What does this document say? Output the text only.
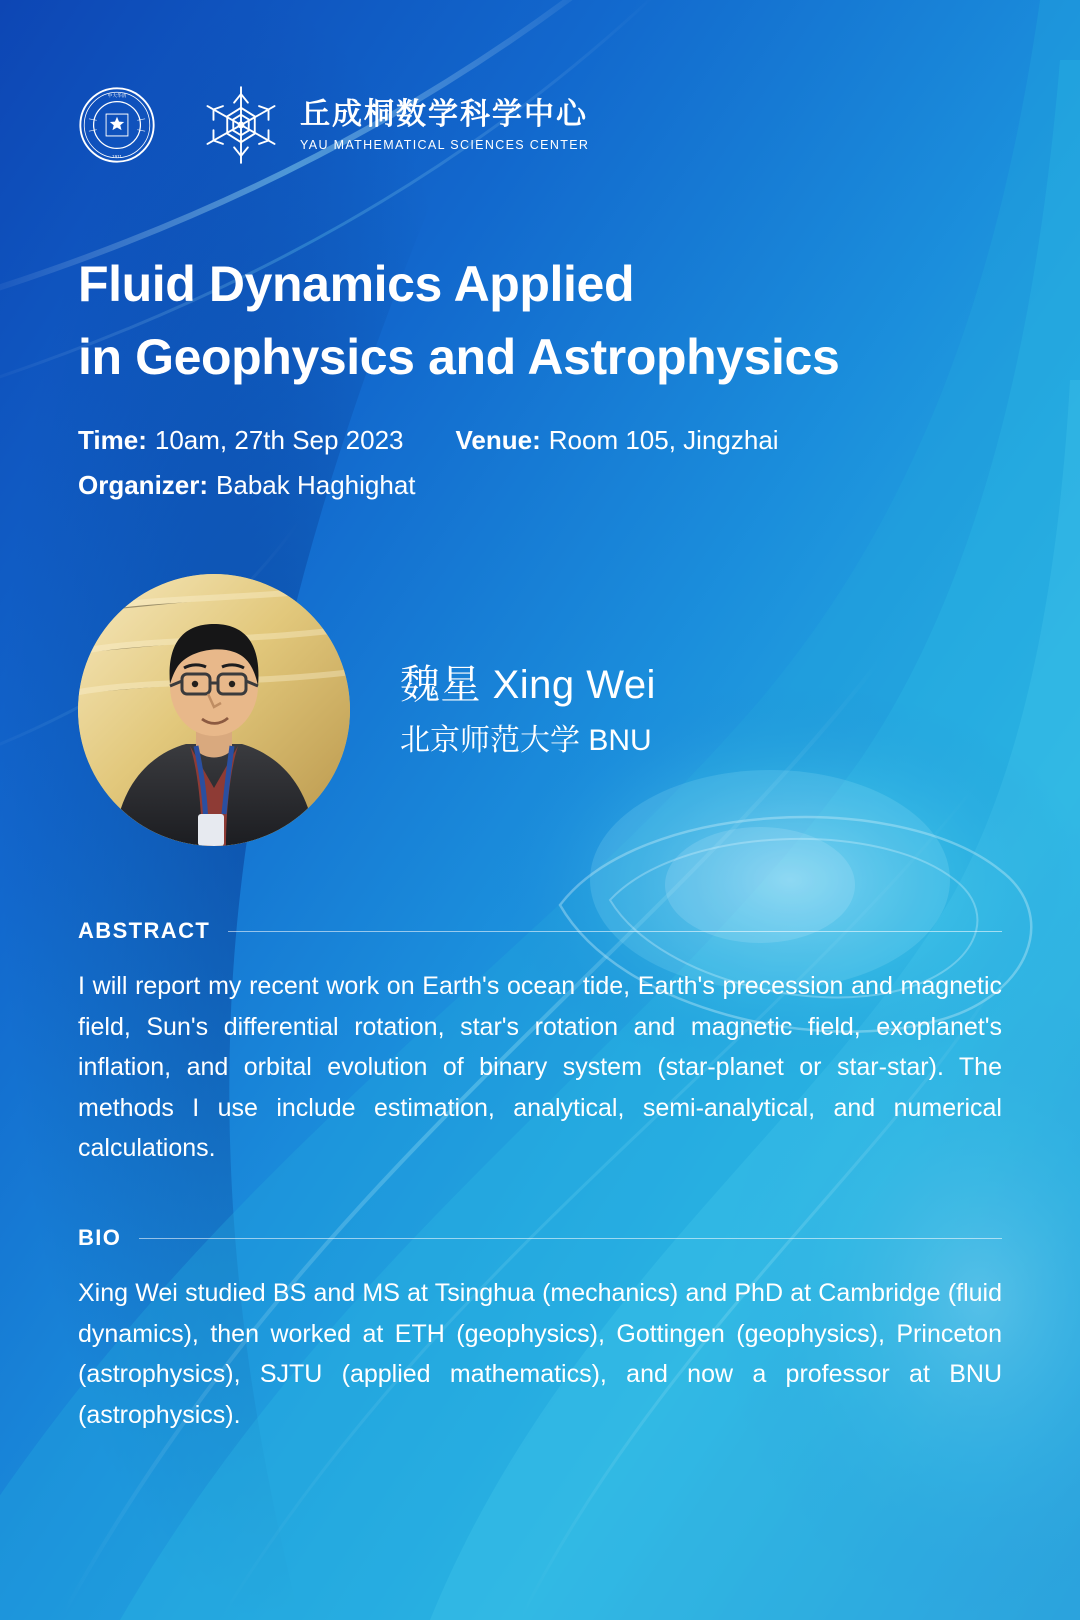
中大华清
· 1911 ·
丘成桐数学科学中心
YAU MATHEMATICAL SCIENCES CENTER
Fluid Dynamics Applied
in Geophysics and Astrophysics
Time: 10am, 27th Sep 2023 Venue: Room 105, Jingzhai
Organizer: Babak Haghighat
魏星 Xing Wei
北京师范大学 BNU
ABSTRACT
I will report my recent work on Earth's ocean tide, Earth's precession and magnetic field, Sun's differential rotation, star's rotation and magnetic field, exoplanet's inflation, and orbital evolution of binary system (star-planet or star-star). The methods I use include estimation, analytical, semi-analytical, and numerical calculations.
BIO
Xing Wei studied BS and MS at Tsinghua (mechanics) and PhD at Cambridge (fluid dynamics), then worked at ETH (geophysics), Gottingen (geophysics), Princeton (astrophysics), SJTU (applied mathematics), and now a professor at BNU (astrophysics).
